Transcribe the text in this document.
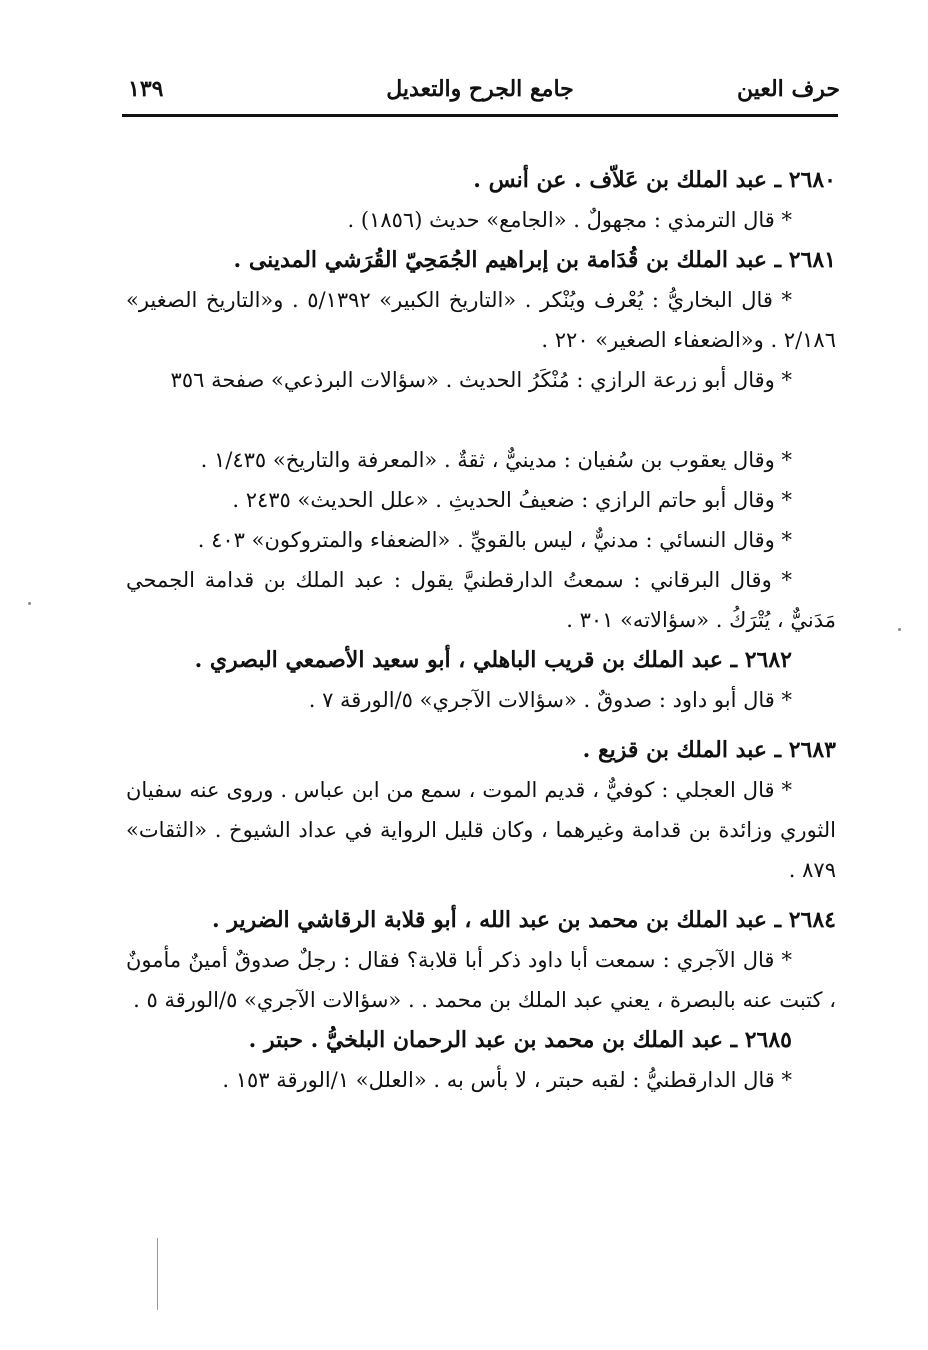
حرف العين
جامع الجرح والتعديل
١٣٩
٢٦٨٠ ـ عبد الملك بن عَلاّف . عن أنس .
* قال الترمذي : مجهولٌ . «الجامع» حديث (١٨٥٦) .
٢٦٨١ ـ عبد الملك بن قُدَامة بن إبراهيم الجُمَحِيّ القُرَشي المدينى .
* قال البخاريُّ : يُعْرف ويُنْكر . «التاريخ الكبير» ٥/١٣٩٢ . و«التاريخ الصغير» ٢/١٨٦ . و«الضعفاء الصغير» ٢٢٠ .
* وقال أبو زرعة الرازي : مُنْكَرُ الحديث . «سؤالات البرذعي» صفحة ٣٥٦
* وقال يعقوب بن سُفيان : مدينيٌّ ، ثقةٌ . «المعرفة والتاريخ» ١/٤٣٥ .
* وقال أبو حاتم الرازي : ضعيفُ الحديثِ . «علل الحديث» ٢٤٣٥ .
* وقال النسائي : مدنيٌّ ، ليس بالقويِّ . «الضعفاء والمتروكون» ٤٠٣ .
* وقال البرقاني : سمعتُ الدارقطنيَّ يقول : عبد الملك بن قدامة الجمحي مَدَنيٌّ ، يُتْرَكُ . «سؤالاته» ٣٠١ .
٢٦٨٢ ـ عبد الملك بن قريب الباهلي ، أبو سعيد الأصمعي البصري .
* قال أبو داود : صدوقٌ . «سؤالات الآجري» ٥/الورقة ٧ .
٢٦٨٣ ـ عبد الملك بن قزيع .
* قال العجلي : كوفيٌّ ، قديم الموت ، سمع من ابن عباس . وروى عنه سفيان الثوري وزائدة بن قدامة وغيرهما ، وكان قليل الرواية في عداد الشيوخ . «الثقات» ٨٧٩ .
٢٦٨٤ ـ عبد الملك بن محمد بن عبد الله ، أبو قلابة الرقاشي الضرير .
* قال الآجري : سمعت أبا داود ذكر أبا قلابة؟ فقال : رجلٌ صدوقٌ أمينٌ مأمونٌ ، كتبت عنه بالبصرة ، يعني عبد الملك بن محمد . . «سؤالات الآجري» ٥/الورقة ٥ .
٢٦٨٥ ـ عبد الملك بن محمد بن عبد الرحمان البلخيُّ . حبتر .
* قال الدارقطنيُّ : لقبه حبتر ، لا بأس به . «العلل» ١/الورقة ١٥٣ .
